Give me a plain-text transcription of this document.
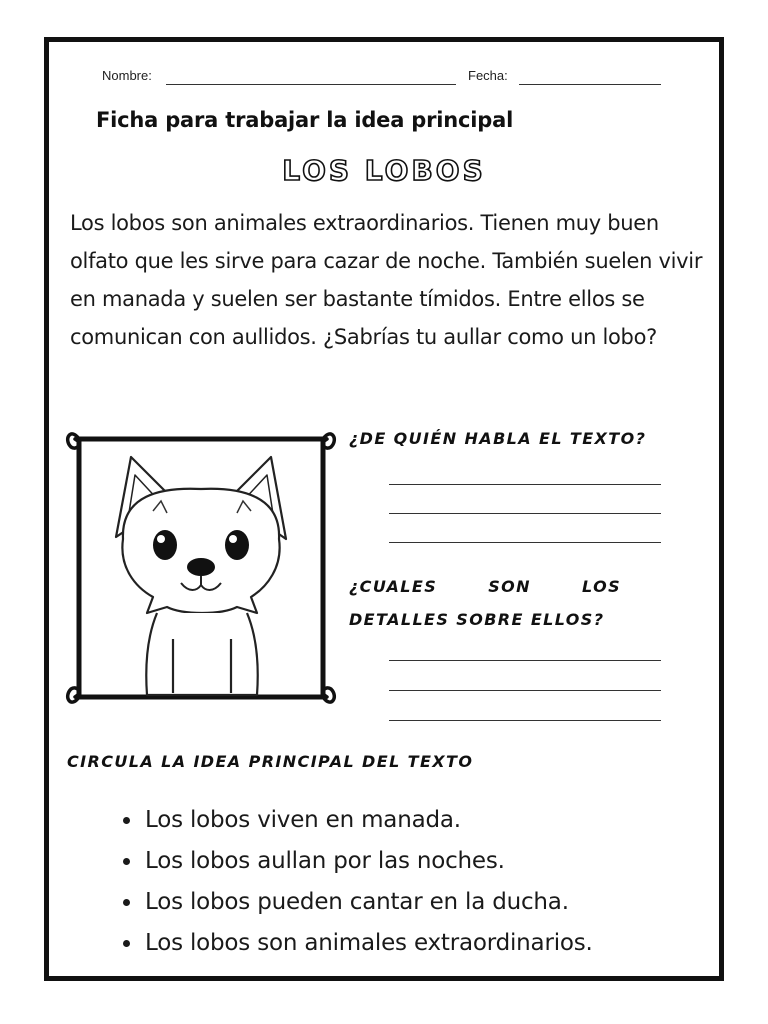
Nombre:	Fecha:
Ficha para trabajar la idea principal
LOS LOBOS
Los lobos son animales extraordinarios. Tienen muy buen olfato que les sirve para cazar de noche. También suelen vivir en manada y suelen ser bastante tímidos. Entre ellos se comunican con aullidos. ¿Sabrías tu aullar como un lobo?
¿DE QUIÉN HABLA EL TEXTO?
¿CUALES SON LOS DETALLES SOBRE ELLOS?
CIRCULA LA IDEA PRINCIPAL DEL TEXTO
Los lobos viven en manada.
Los lobos aullan por las noches.
Los lobos pueden cantar en la ducha.
Los lobos son animales extraordinarios.
